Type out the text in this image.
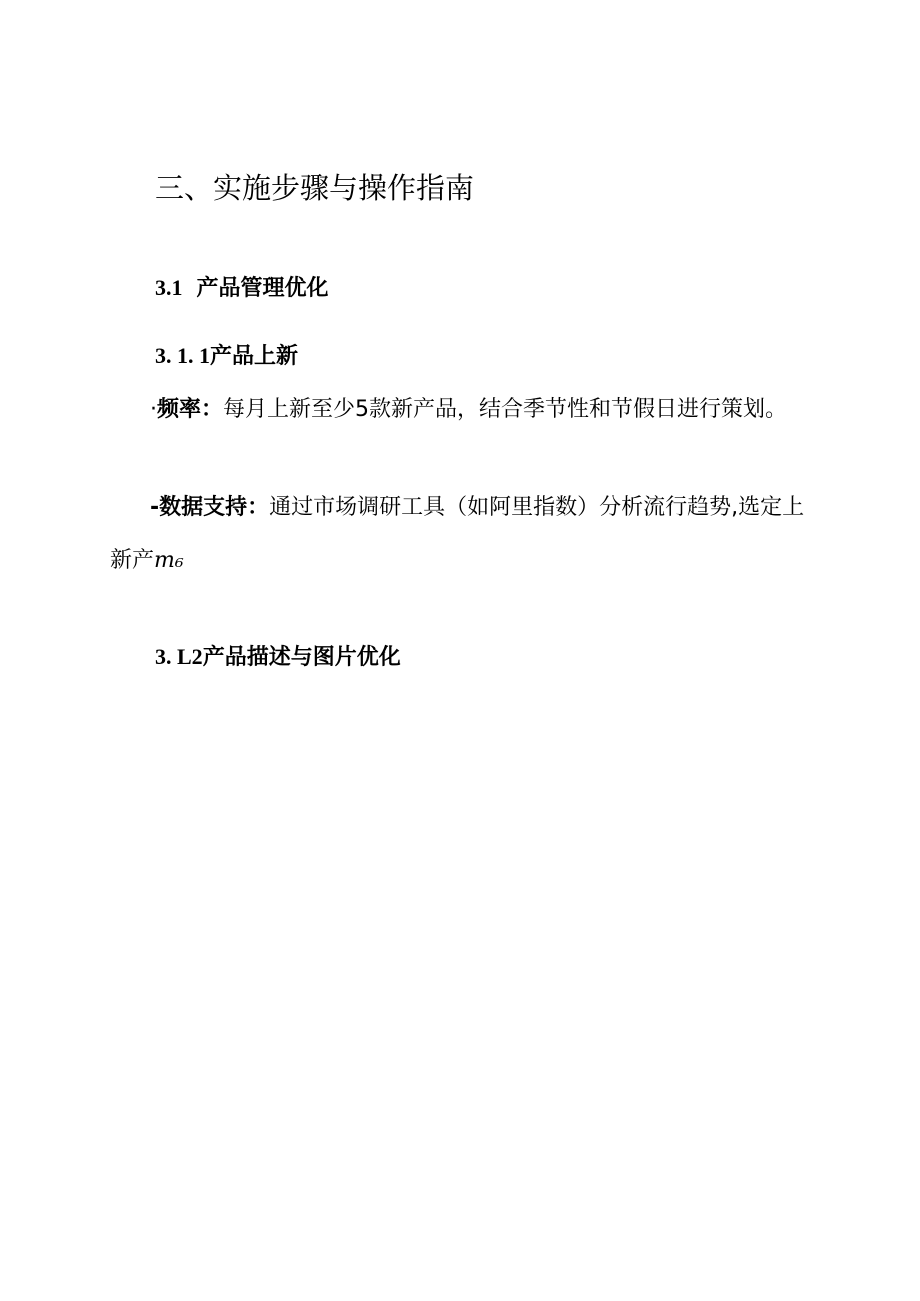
三、实施步骤与操作指南
3.1 产品管理优化
3. 1. 1产品上新

·频率：每月上新至少5款新产品，结合季节性和节假日进行策划。

-数据支持：通过市场调研工具（如阿里指数）分析流行趋势,选定上新产m₆

3. L2产品描述与图片优化
